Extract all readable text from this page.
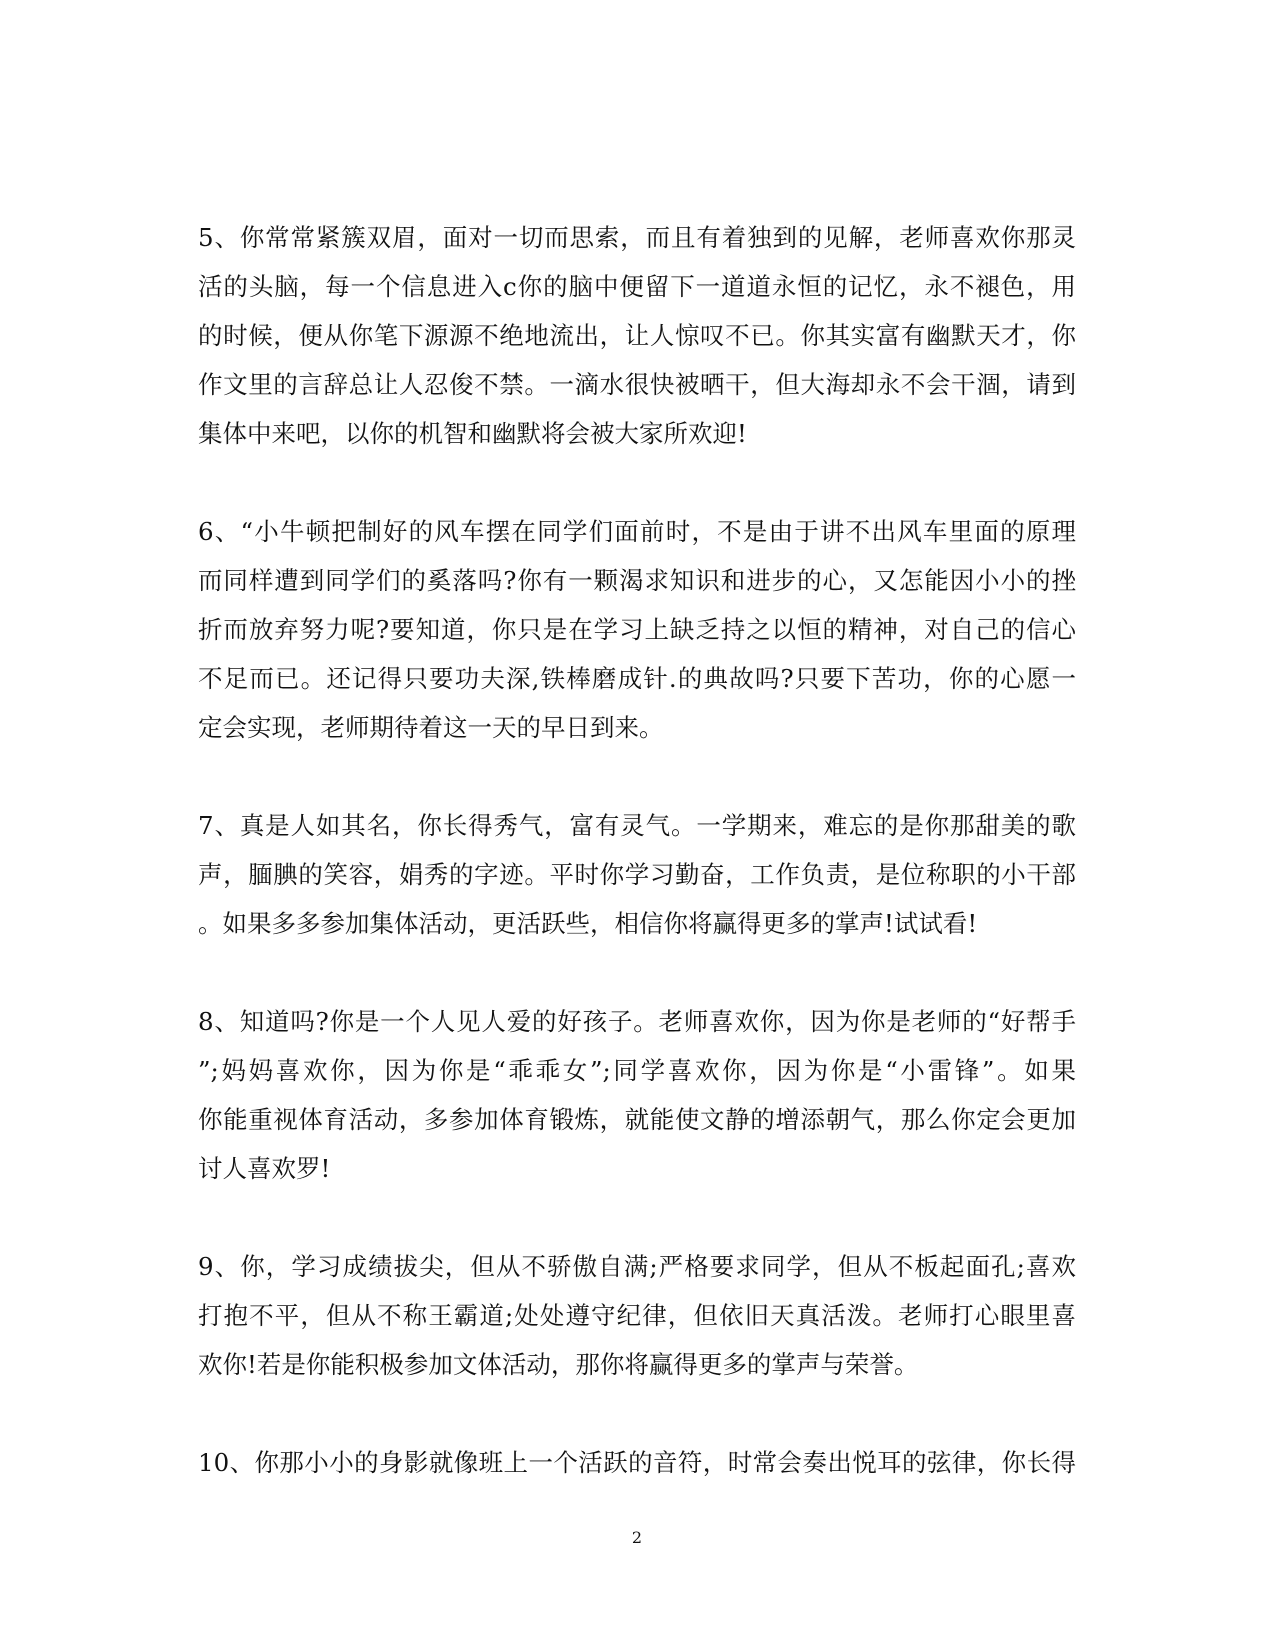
5、你常常紧簇双眉，面对一切而思索，而且有着独到的见解，老师喜欢你那灵
活的头脑，每一个信息进入c你的脑中便留下一道道永恒的记忆，永不褪色，用
的时候，便从你笔下源源不绝地流出，让人惊叹不已。你其实富有幽默天才，你
作文里的言辞总让人忍俊不禁。一滴水很快被晒干，但大海却永不会干涸，请到
集体中来吧，以你的机智和幽默将会被大家所欢迎!
6、“小牛顿把制好的风车摆在同学们面前时，不是由于讲不出风车里面的原理
而同样遭到同学们的奚落吗?你有一颗渴求知识和进步的心，又怎能因小小的挫
折而放弃努力呢?要知道，你只是在学习上缺乏持之以恒的精神，对自己的信心
不足而已。还记得只要功夫深,铁棒磨成针.的典故吗?只要下苦功，你的心愿一
定会实现，老师期待着这一天的早日到来。
7、真是人如其名，你长得秀气，富有灵气。一学期来，难忘的是你那甜美的歌
声，腼腆的笑容，娟秀的字迹。平时你学习勤奋，工作负责，是位称职的小干部
。如果多多参加集体活动，更活跃些，相信你将赢得更多的掌声!试试看!
8、知道吗?你是一个人见人爱的好孩子。老师喜欢你，因为你是老师的“好帮手
”;妈妈喜欢你，因为你是“乖乖女”;同学喜欢你，因为你是“小雷锋”。如果
你能重视体育活动，多参加体育锻炼，就能使文静的增添朝气，那么你定会更加
讨人喜欢罗!
9、你，学习成绩拔尖，但从不骄傲自满;严格要求同学，但从不板起面孔;喜欢
打抱不平，但从不称王霸道;处处遵守纪律，但依旧天真活泼。老师打心眼里喜
欢你!若是你能积极参加文体活动，那你将赢得更多的掌声与荣誉。
10、你那小小的身影就像班上一个活跃的音符，时常会奏出悦耳的弦律，你长得
2
